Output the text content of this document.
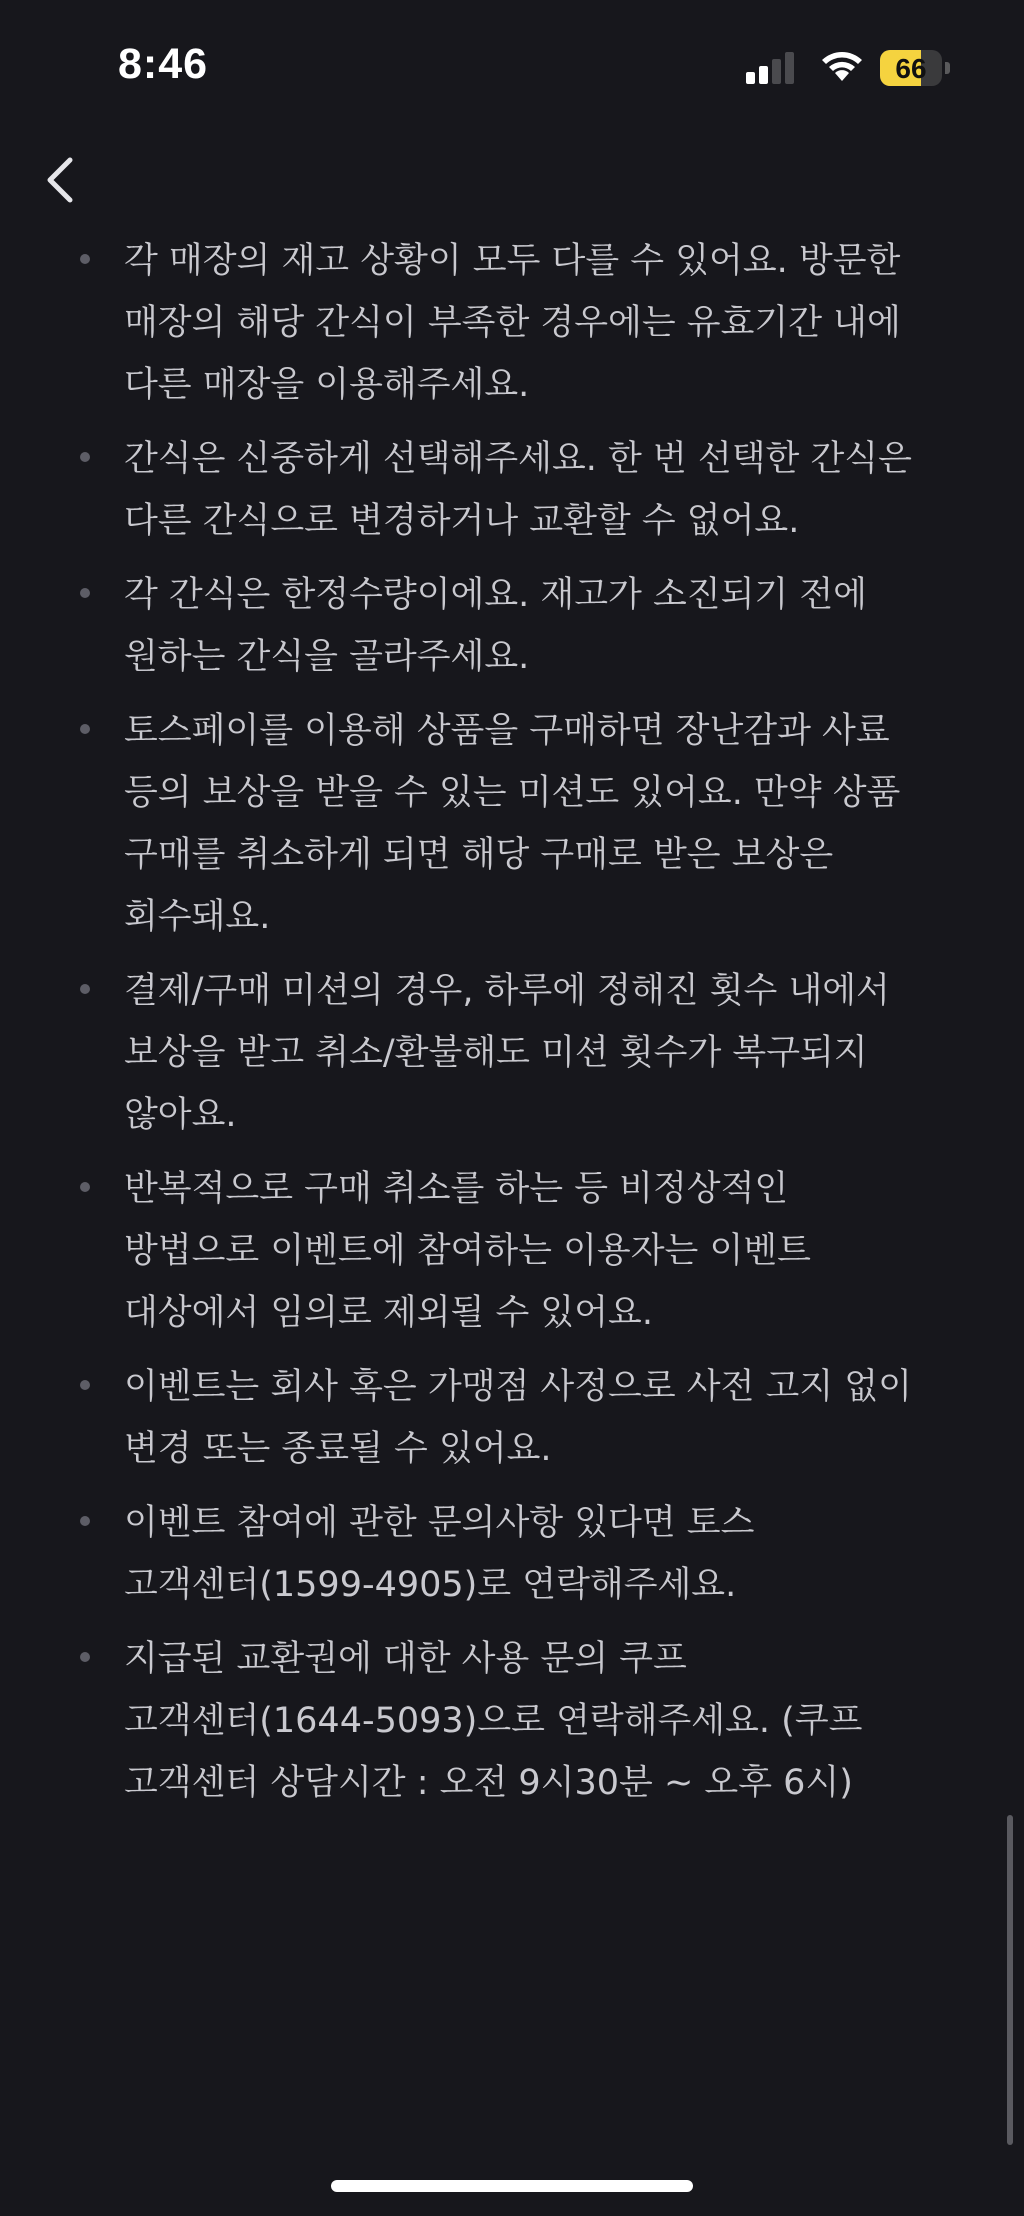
8:46	66
각 매장의 재고 상황이 모두 다를 수 있어요. 방문한
매장의 해당 간식이 부족한 경우에는 유효기간 내에
다른 매장을 이용해주세요.
간식은 신중하게 선택해주세요. 한 번 선택한 간식은
다른 간식으로 변경하거나 교환할 수 없어요.
각 간식은 한정수량이에요. 재고가 소진되기 전에
원하는 간식을 골라주세요.
토스페이를 이용해 상품을 구매하면 장난감과 사료
등의 보상을 받을 수 있는 미션도 있어요. 만약 상품
구매를 취소하게 되면 해당 구매로 받은 보상은
회수돼요.
결제/구매 미션의 경우, 하루에 정해진 횟수 내에서
보상을 받고 취소/환불해도 미션 횟수가 복구되지
않아요.
반복적으로 구매 취소를 하는 등 비정상적인
방법으로 이벤트에 참여하는 이용자는 이벤트
대상에서 임의로 제외될 수 있어요.
이벤트는 회사 혹은 가맹점 사정으로 사전 고지 없이
변경 또는 종료될 수 있어요.
이벤트 참여에 관한 문의사항 있다면 토스
고객센터(1599-4905)로 연락해주세요.
지급된 교환권에 대한 사용 문의 쿠프
고객센터(1644-5093)으로 연락해주세요. (쿠프
고객센터 상담시간 : 오전 9시30분 ~ 오후 6시)
